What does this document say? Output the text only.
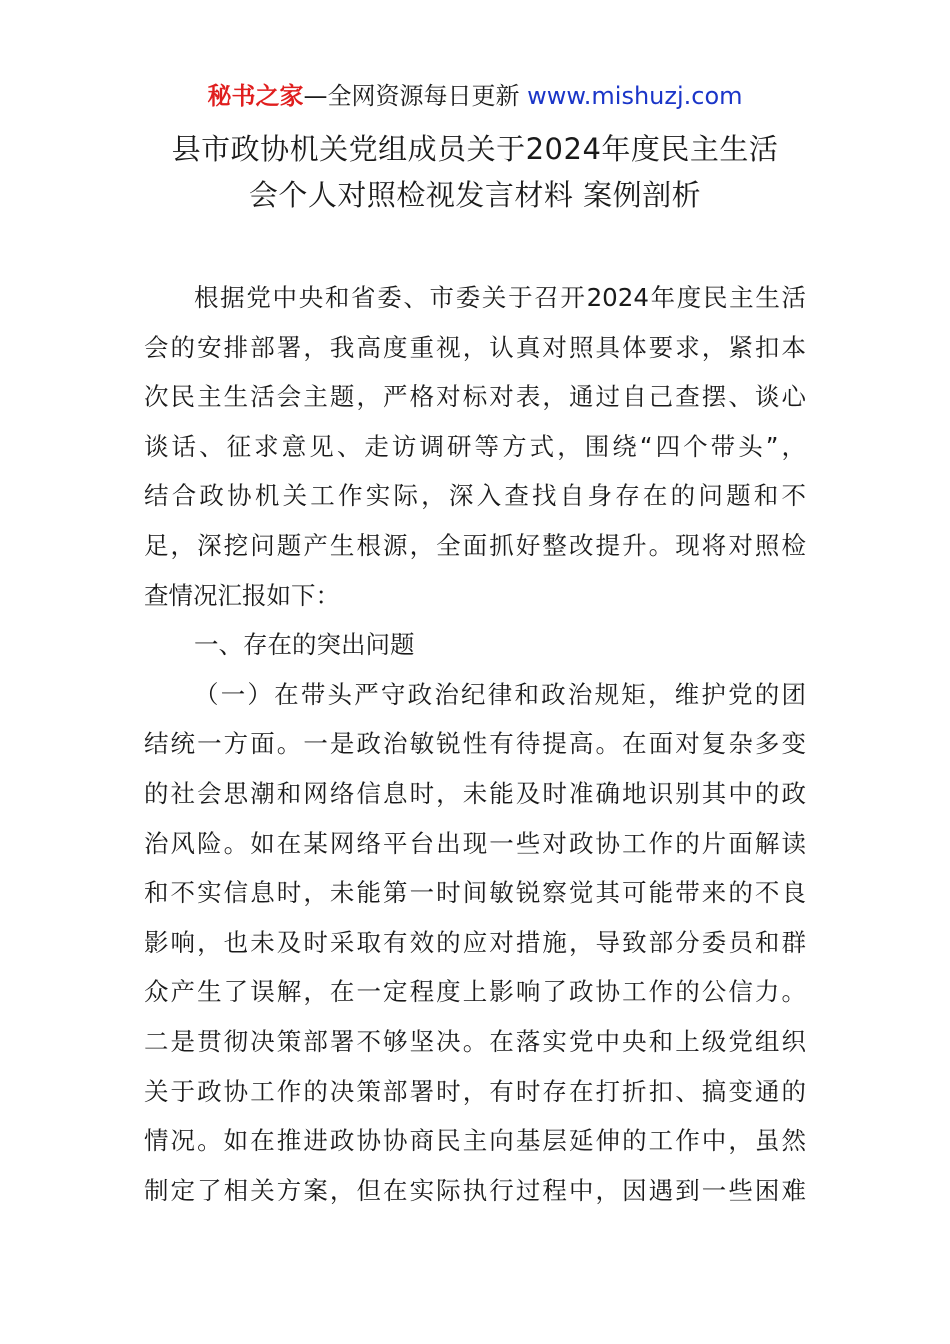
秘书之家—全网资源每日更新 www.mishuzj.com
县市政协机关党组成员关于2024年度民主生活
会个人对照检视发言材料 案例剖析
根据党中央和省委、市委关于召开2024年度民主生活
会的安排部署，我高度重视，认真对照具体要求，紧扣本
次民主生活会主题，严格对标对表，通过自己查摆、谈心
谈话、征求意见、走访调研等方式，围绕“四个带头”，
结合政协机关工作实际，深入查找自身存在的问题和不
足，深挖问题产生根源，全面抓好整改提升。现将对照检
查情况汇报如下：
一、存在的突出问题
（一）在带头严守政治纪律和政治规矩，维护党的团
结统一方面。一是政治敏锐性有待提高。在面对复杂多变
的社会思潮和网络信息时，未能及时准确地识别其中的政
治风险。如在某网络平台出现一些对政协工作的片面解读
和不实信息时，未能第一时间敏锐察觉其可能带来的不良
影响，也未及时采取有效的应对措施，导致部分委员和群
众产生了误解，在一定程度上影响了政协工作的公信力。
二是贯彻决策部署不够坚决。在落实党中央和上级党组织
关于政协工作的决策部署时，有时存在打折扣、搞变通的
情况。如在推进政协协商民主向基层延伸的工作中，虽然
制定了相关方案，但在实际执行过程中，因遇到一些困难
